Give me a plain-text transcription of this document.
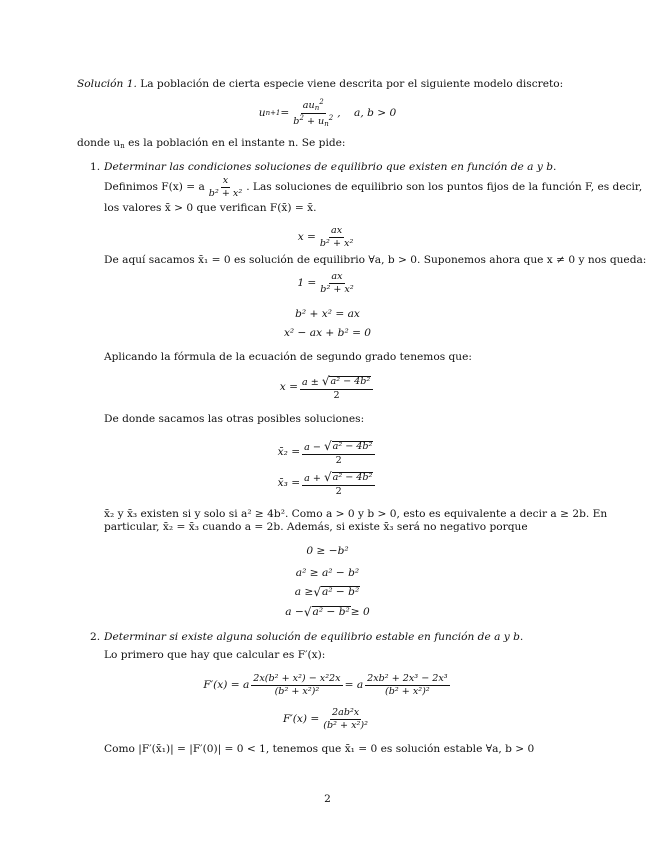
Solución 1. La población de cierta especie viene descrita por el siguiente modelo discreto:
u $n+1 = \frac{au_n^2}{b^2 + u_n^2}$ ,    a, b > 0
donde $u_n$ es la población en el instante n. Se pide:
1. Determinar las condiciones soluciones de equilibrio que existen en función de a y b.
Definimos F(x) = a $\frac{x}{\text{b² + x²}}$ . Las soluciones de equilibrio son los puntos fijos de la función F, es decir,
los valores x̄ > 0 que verifican F(x̄) = x̄.
$x = \frac{ax}{\text{b² + x²}}$
De aquí sacamos x̄₁ = 0 es solución de equilibrio ∀a, b > 0. Suponemos ahora que x ≠ 0 y nos queda:
$1 = \frac{ax}{\text{b² + x²}}$
b² + x² = ax
x² − ax + b² = 0
Aplicando la fórmula de la ecuación de segundo grado tenemos que:
$x = \frac{\text{a ± √ a² − 4b²}}{2}$
De donde sacamos las otras posibles soluciones:
x̄₂ = $\frac{\text{a − √ a² − 4b²}}{2}$
x̄₃ = $\frac{\text{a + √ a² − 4b²}}{2}$
x̄₂ y x̄₃ existen si y solo si a² ≥ 4b². Como a > 0 y b > 0, esto es equivalente a decir a ≥ 2b. En
particular, x̄₂ = x̄₃ cuando a = 2b. Además, si existe x̄₃ será no negativo porque
0 ≥ −b²
a² ≥ a² − b²
a ≥ √ a² − b²
a − √ a² − b² ≥ 0
2. Determinar si existe alguna solución de equilibrio estable en función de a y b.
Lo primero que hay que calcular es F′(x):
F′(x) = a $\frac{\text{2x(b² + x²) − x²2x}}{\text{(b² + x²)²}} = a \frac{\text{2xb² + 2x³ − 2x³}}{\text{(b² + x²)²}}$
$F'(x) = \frac{\text{2ab²x}}{\text{(b² + x²)²}}$
Como |F′(x̄₁)| = |F′(0)| = 0 < 1, tenemos que x̄₁ = 0 es solución estable ∀a, b > 0
2
